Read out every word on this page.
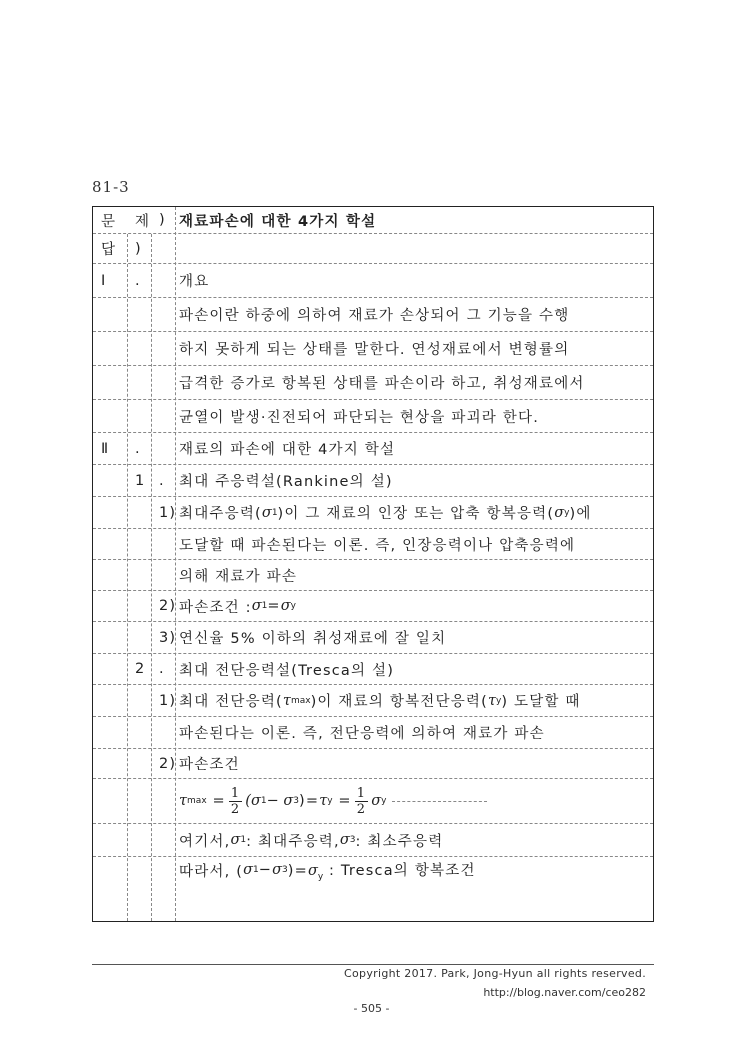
81-3
문 제 ) 재료파손에 대한 4가지 학설
답 )
Ⅰ .	개요
파손이란 하중에 의하여 재료가 손상되어 그 기능을 수행
하지 못하게 되는 상태를 말한다. 연성재료에서 변형률의
급격한 증가로 항복된 상태를 파손이라 하고, 취성재료에서
균열이 발생·진전되어 파단되는 현상을 파괴라 한다.
Ⅱ .	재료의 파손에 대한 4가지 학설
1 . 최대 주응력설(Rankine의 설)
1) 최대주응력( σ 1 )이 그 재료의 인장 또는 압축 항복응력( σ y )에
도달할 때 파손된다는 이론. 즉, 인장응력이나 압축응력에
의해 재료가 파손
2) 파손조건 : σ 1 = σ y
3) 연신율 5% 이하의 취성재료에 잘 일치
2 . 최대 전단응력설(Tresca의 설)
1) 최대 전단응력( τ max )이 재료의 항복전단응력( τ y ) 도달할 때
파손된다는 이론. 즉, 전단응력에 의하여 재료가 파손
2) 파손조건
τ max
= $\frac{1}{2} (\sigma$ 1 − σ 3 ) = τ y
= $\frac{1}{2}$ σ y
여기서, σ 1 : 최대주응력, σ 3 : 최소주응력
따라서, ( σ 1 − σ 3 )$=\sigma_y$ : Tresca의 항복조건
Copyright 2017. Park, Jong-Hyun all rights reserved.
http://blog.naver.com/ceo282
- 505 -
